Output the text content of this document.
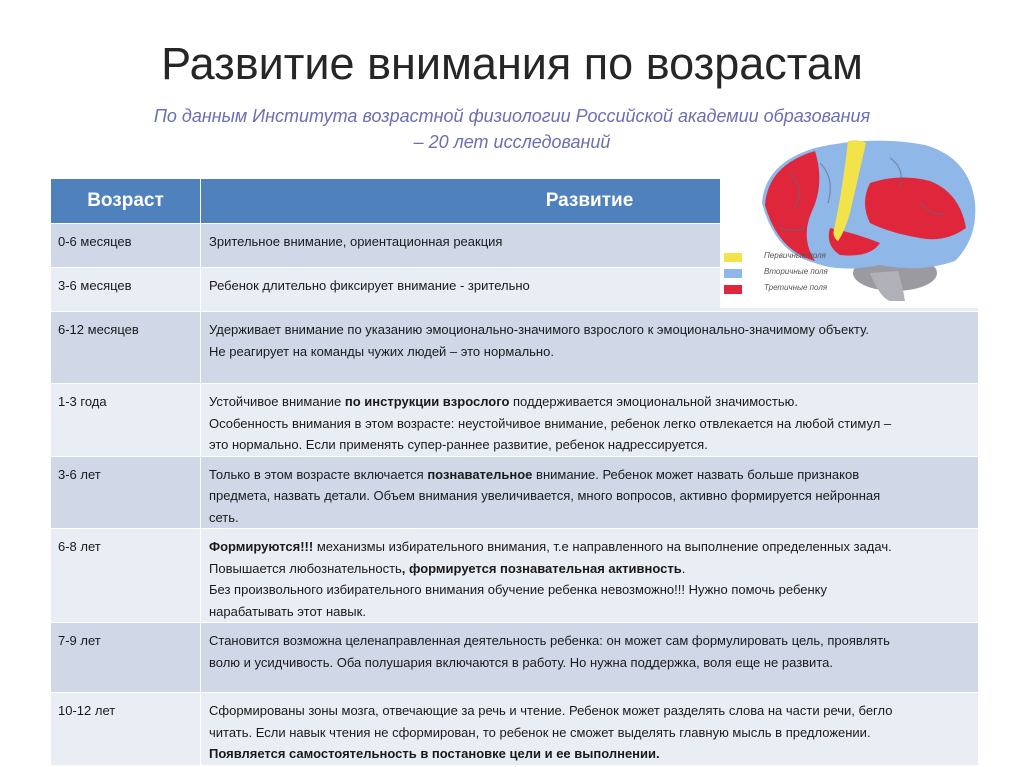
Развитие внимания по возрастам
По данным Института возрастной физиологии Российской академии образования
– 20 лет исследований
Возраст	Развитие
0-6 месяцев	Зрительное внимание, ориентационная реакция

3-6 месяцев	Ребенок длительно фиксирует внимание - зрительно

6-12 месяцев	Удерживает внимание по указанию эмоционально-значимого взрослого к эмоционально-значимому объекту.

Не реагирует на команды чужих людей – это нормально.

1-3 года	Устойчивое внимание по инструкции взрослого поддерживается эмоциональной значимостью.

Особенность внимания в этом возрасте: неустойчивое внимание, ребенок легко отвлекается на любой стимул –

это нормально. Если применять супер-раннее развитие, ребенок надрессируется.

3-6 лет	Только в этом возрасте включается познавательное внимание. Ребенок может назвать больше признаков

предмета, назвать детали. Объем внимания увеличивается, много вопросов, активно формируется нейронная

сеть.

6-8 лет	Формируются!!! механизмы избирательного внимания, т.е направленного на выполнение определенных задач.

Повышается любознательность, формируется познавательная активность.

Без произвольного избирательного внимания обучение ребенка невозможно!!! Нужно помочь ребенку

нарабатывать этот навык.

7-9 лет	Становится возможна целенаправленная деятельность ребенка: он может сам формулировать цель, проявлять

волю и усидчивость. Оба полушария включаются в работу. Но нужна поддержка, воля еще не развита.

10-12 лет	Сформированы зоны мозга, отвечающие за речь и чтение. Ребенок может разделять слова на части речи, бегло

читать. Если навык чтения не сформирован, то ребенок не сможет выделять главную мысль в предложении.

Появляется самостоятельность в постановке цели и ее выполнении.

Первичные поля
Вторичные поля
Третичные поля
